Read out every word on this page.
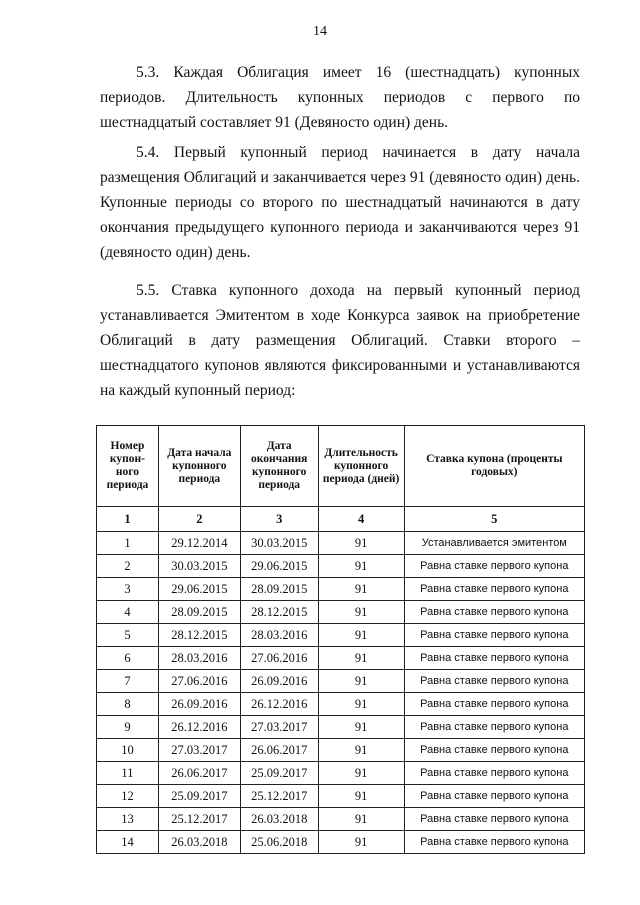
14

5.3. Каждая Облигация имеет 16 (шестнадцать) купонных периодов. Длительность купонных периодов с первого по шестнадцатый составляет 91 (Девяносто один) день.

5.4. Первый купонный период начинается в дату начала размещения Облигаций и заканчивается через 91 (девяносто один) день. Купонные периоды со второго по шестнадцатый начинаются в дату окончания предыдущего купонного периода и заканчиваются через 91 (девяносто один) день.

5.5. Ставка купонного дохода на первый купонный период устанавливается Эмитентом в ходе Конкурса заявок на приобретение Облигаций в дату размещения Облигаций. Ставки второго – шестнадцатого купонов являются фиксированными и устанавливаются на каждый купонный период:

Номер купон-ного периода	Дата начала купонного периода	Дата окончания купонного периода	Длительность купонного периода (дней)	Ставка купона (проценты годовых)
1	2	3	4	5
1	29.12.2014	30.03.2015	91	Устанавливается эмитентом
2	30.03.2015	29.06.2015	91	Равна ставке первого купона
3	29.06.2015	28.09.2015	91	Равна ставке первого купона
4	28.09.2015	28.12.2015	91	Равна ставке первого купона
5	28.12.2015	28.03.2016	91	Равна ставке первого купона
6	28.03.2016	27.06.2016	91	Равна ставке первого купона
7	27.06.2016	26.09.2016	91	Равна ставке первого купона
8	26.09.2016	26.12.2016	91	Равна ставке первого купона
9	26.12.2016	27.03.2017	91	Равна ставке первого купона
10	27.03.2017	26.06.2017	91	Равна ставке первого купона
11	26.06.2017	25.09.2017	91	Равна ставке первого купона
12	25.09.2017	25.12.2017	91	Равна ставке первого купона
13	25.12.2017	26.03.2018	91	Равна ставке первого купона
14	26.03.2018	25.06.2018	91	Равна ставке первого купона
